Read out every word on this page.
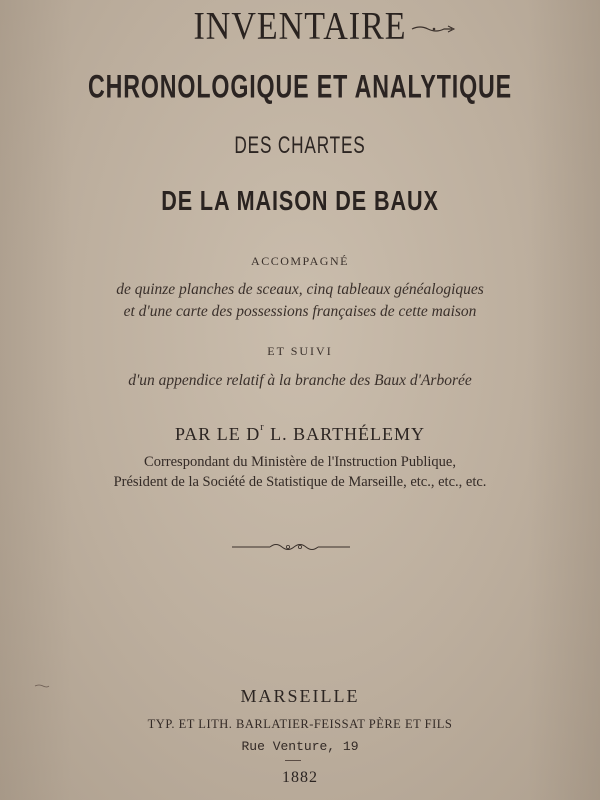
INVENTAIRE
CHRONOLOGIQUE ET ANALYTIQUE
DES CHARTES
DE LA MAISON DE BAUX
ACCOMPAGNÉ
de quinze planches de sceaux, cinq tableaux généalogiques
et d'une carte des possessions françaises de cette maison
ET SUIVI
d'un appendice relatif à la branche des Baux d'Arborée
PAR LE $D^r$ L. BARTHÉLEMY
Correspondant du Ministère de l'Instruction Publique,
Président de la Société de Statistique de Marseille, etc., etc., etc.
MARSEILLE
TYP. ET LITH. BARLATIER-FEISSAT PÈRE ET FILS
Rue Venture, 19
1882
